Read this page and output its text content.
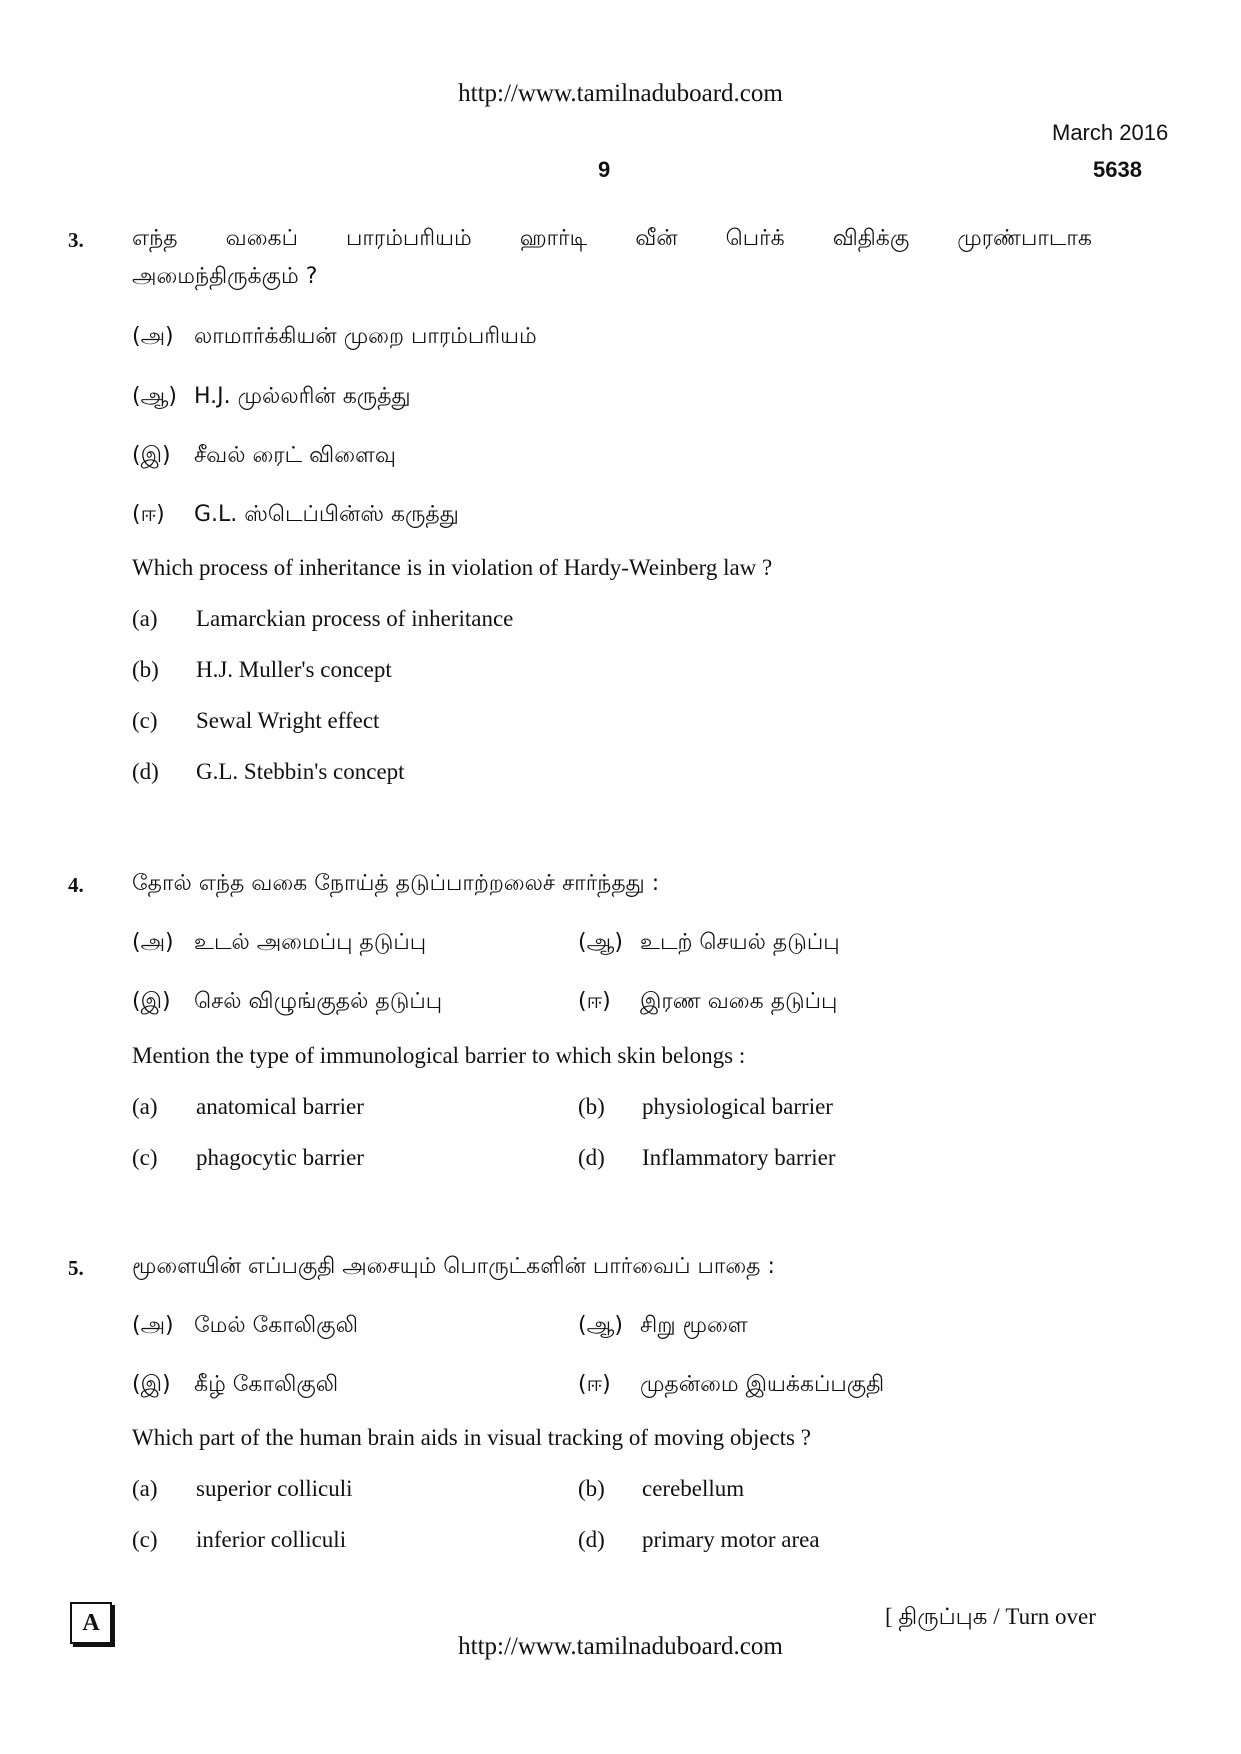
http://www.tamilnaduboard.com
March 2016
9	5638
3. எந்த வகைப் பாரம்பரியம் ஹார்டி வீன் பெர்க் விதிக்கு முரண்பாடாக
அமைந்திருக்கும் ?
(அ) லாமார்க்கியன் முறை பாரம்பரியம்
(ஆ) H.J. முல்லரின் கருத்து
(இ) சீவல் ரைட் விளைவு
(ஈ) G.L. ஸ்டெப்பின்ஸ் கருத்து
Which process of inheritance is in violation of Hardy-Weinberg law ?
(a) Lamarckian process of inheritance
(b) H.J. Muller's concept
(c) Sewal Wright effect
(d) G.L. Stebbin's concept
4. தோல் எந்த வகை நோய்த் தடுப்பாற்றலைச் சார்ந்தது :
(அ) உடல் அமைப்பு தடுப்பு	(ஆ) உடற் செயல் தடுப்பு
(இ) செல் விழுங்குதல் தடுப்பு	(ஈ) இரண வகை தடுப்பு
Mention the type of immunological barrier to which skin belongs :
(a) anatomical barrier	(b) physiological barrier
(c) phagocytic barrier	(d) Inflammatory barrier
5. மூளையின் எப்பகுதி அசையும் பொருட்களின் பார்வைப் பாதை :
(அ) மேல் கோலிகுலி	(ஆ) சிறு மூளை
(இ) கீழ் கோலிகுலி	(ஈ) முதன்மை இயக்கப்பகுதி
Which part of the human brain aids in visual tracking of moving objects ?
(a) superior colliculi	(b) cerebellum
(c) inferior colliculi	(d) primary motor area
A	[ திருப்புக / Turn over
http://www.tamilnaduboard.com
